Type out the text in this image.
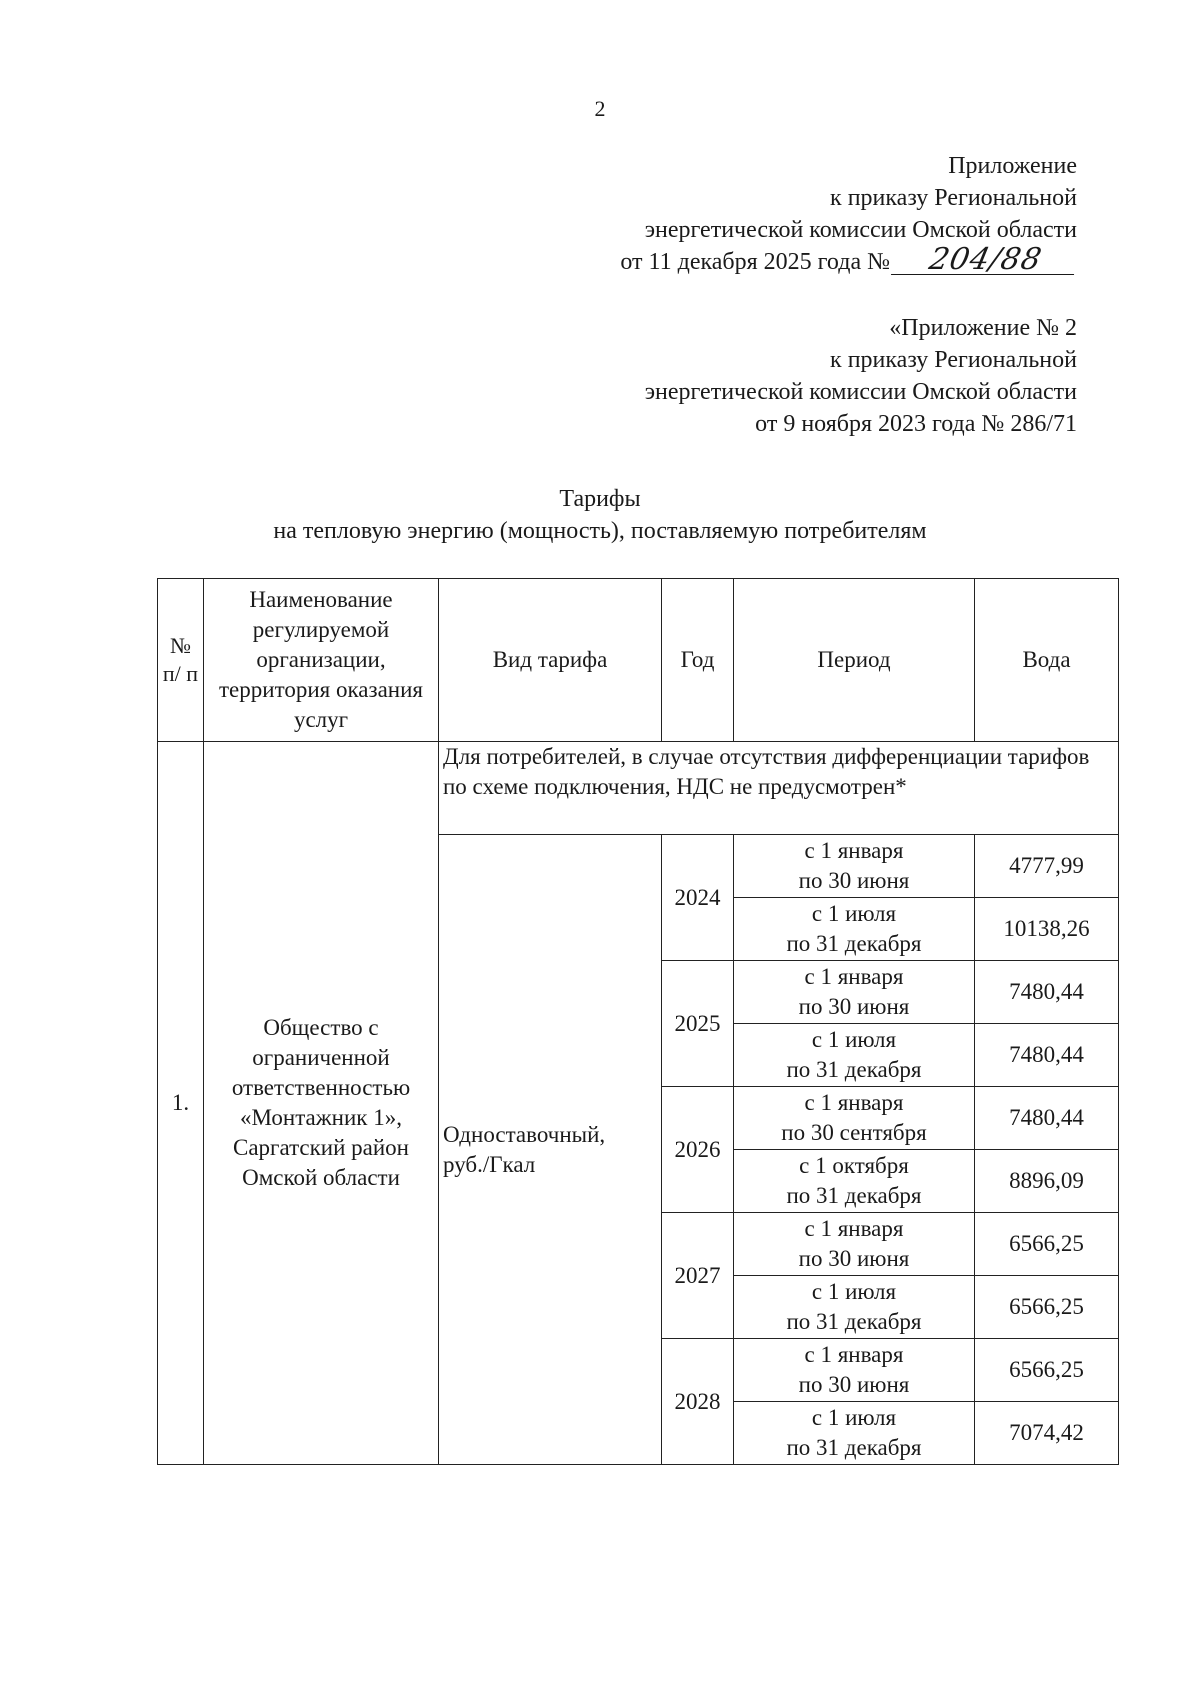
2
Приложение
к приказу Региональной
энергетической комиссии Омской области
от 11 декабря 2025 года № 204/88
«Приложение № 2
к приказу Региональной
энергетической комиссии Омской области
от 9 ноября 2023 года № 286/71
Тарифы
на тепловую энергию (мощность), поставляемую потребителям
№ п/ п	Наименование регулируемой организации, территория оказания услуг	Вид тарифа	Год	Период	Вода
1.	Общество с ограниченной ответственностью «Монтажник 1», Саргатский район Омской области	Для потребителей, в случае отсутствия дифференциации тарифов по схеме подключения, НДС не предусмотрен*			
		Одноставочный, руб./Гкал	2024	с 1 января
по 30 июня	4777,99

				с 1 июля
по 31 декабря	10138,26
			2025	с 1 января
по 30 июня	7480,44

				с 1 июля
по 31 декабря	7480,44
			2026	с 1 января
по 30 сентября	7480,44

				с 1 октября
по 31 декабря	8896,09
			2027	с 1 января
по 30 июня	6566,25

				с 1 июля
по 31 декабря	6566,25
			2028	с 1 января
по 30 июня	6566,25

				с 1 июля
по 31 декабря	7074,42
